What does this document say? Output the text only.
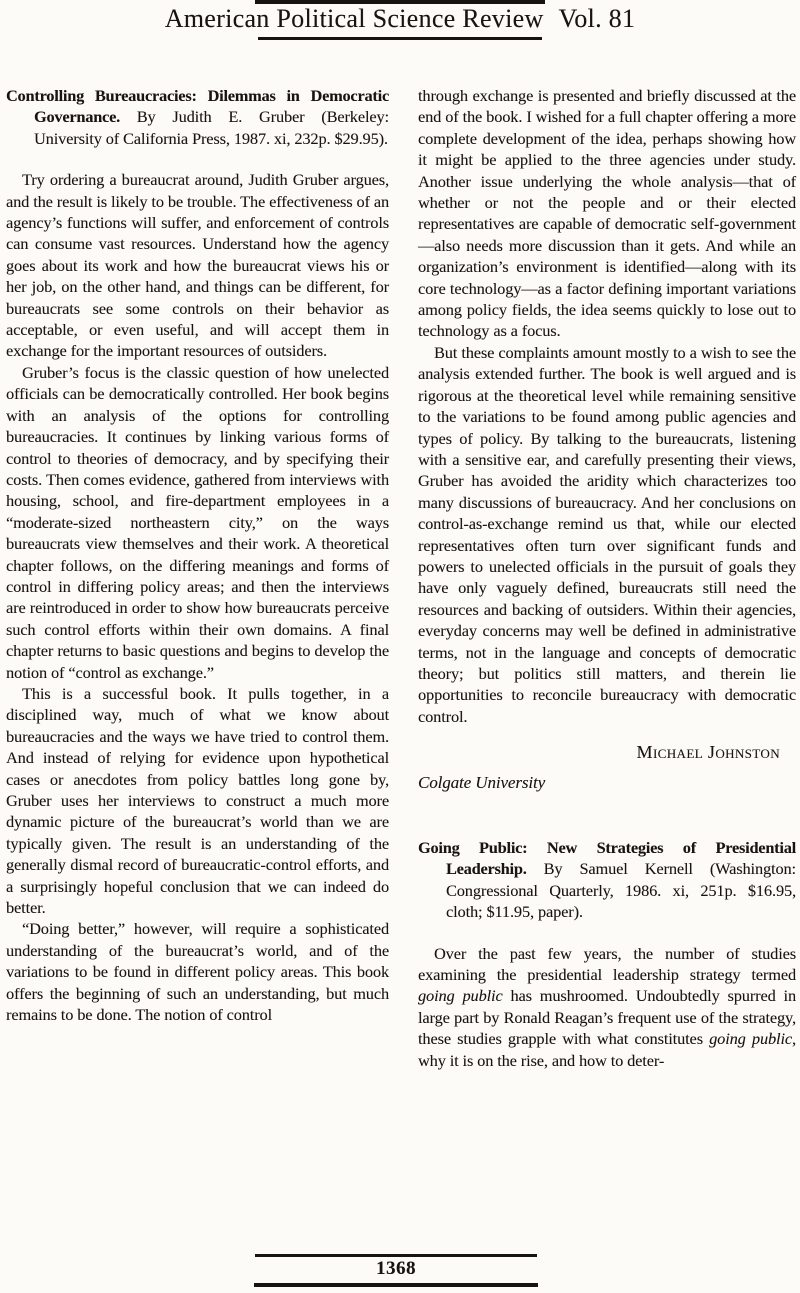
American Political Science Review Vol. 81

Controlling Bureaucracies: Dilemmas in Democratic Governance. By Judith E. Gruber (Berkeley: University of California Press, 1987. xi, 232p. $29.95).

Try ordering a bureaucrat around, Judith Gruber argues, and the result is likely to be trouble. The effectiveness of an agency’s functions will suffer, and enforcement of controls can consume vast resources. Understand how the agency goes about its work and how the bureaucrat views his or her job, on the other hand, and things can be different, for bureaucrats see some controls on their behavior as acceptable, or even useful, and will accept them in exchange for the important resources of outsiders.

Gruber’s focus is the classic question of how unelected officials can be democratically controlled. Her book begins with an analysis of the options for controlling bureaucracies. It continues by linking various forms of control to theories of democracy, and by specifying their costs. Then comes evidence, gathered from interviews with housing, school, and fire-department employees in a “moderate-sized northeastern city,” on the ways bureaucrats view themselves and their work. A theoretical chapter follows, on the differing meanings and forms of control in differing policy areas; and then the interviews are reintroduced in order to show how bureaucrats perceive such control efforts within their own domains. A final chapter returns to basic questions and begins to develop the notion of “control as exchange.”

This is a successful book. It pulls together, in a disciplined way, much of what we know about bureaucracies and the ways we have tried to control them. And instead of relying for evidence upon hypothetical cases or anecdotes from policy battles long gone by, Gruber uses her interviews to construct a much more dynamic picture of the bureaucrat’s world than we are typically given. The result is an understanding of the generally dismal record of bureaucratic-control efforts, and a surprisingly hopeful conclusion that we can indeed do better.

“Doing better,” however, will require a sophisticated understanding of the bureaucrat’s world, and of the variations to be found in different policy areas. This book offers the beginning of such an understanding, but much remains to be done. The notion of control

through exchange is presented and briefly discussed at the end of the book. I wished for a full chapter offering a more complete development of the idea, perhaps showing how it might be applied to the three agencies under study. Another issue underlying the whole analysis—that of whether or not the people and or their elected representatives are capable of democratic self-government—also needs more discussion than it gets. And while an organization’s environment is identified—along with its core technology—as a factor defining important variations among policy fields, the idea seems quickly to lose out to technology as a focus.

But these complaints amount mostly to a wish to see the analysis extended further. The book is well argued and is rigorous at the theoretical level while remaining sensitive to the variations to be found among public agencies and types of policy. By talking to the bureaucrats, listening with a sensitive ear, and carefully presenting their views, Gruber has avoided the aridity which characterizes too many discussions of bureaucracy. And her conclusions on control-as-exchange remind us that, while our elected representatives often turn over significant funds and powers to unelected officials in the pursuit of goals they have only vaguely defined, bureaucrats still need the resources and backing of outsiders. Within their agencies, everyday concerns may well be defined in administrative terms, not in the language and concepts of democratic theory; but politics still matters, and therein lie opportunities to reconcile bureaucracy with democratic control.

Michael Johnston

Colgate University

Going Public: New Strategies of Presidential Leadership. By Samuel Kernell (Washington: Congressional Quarterly, 1986. xi, 251p. $16.95, cloth; $11.95, paper).

Over the past few years, the number of studies examining the presidential leadership strategy termed going public has mushroomed. Undoubtedly spurred in large part by Ronald Reagan’s frequent use of the strategy, these studies grapple with what constitutes going public, why it is on the rise, and how to deter-

1368
